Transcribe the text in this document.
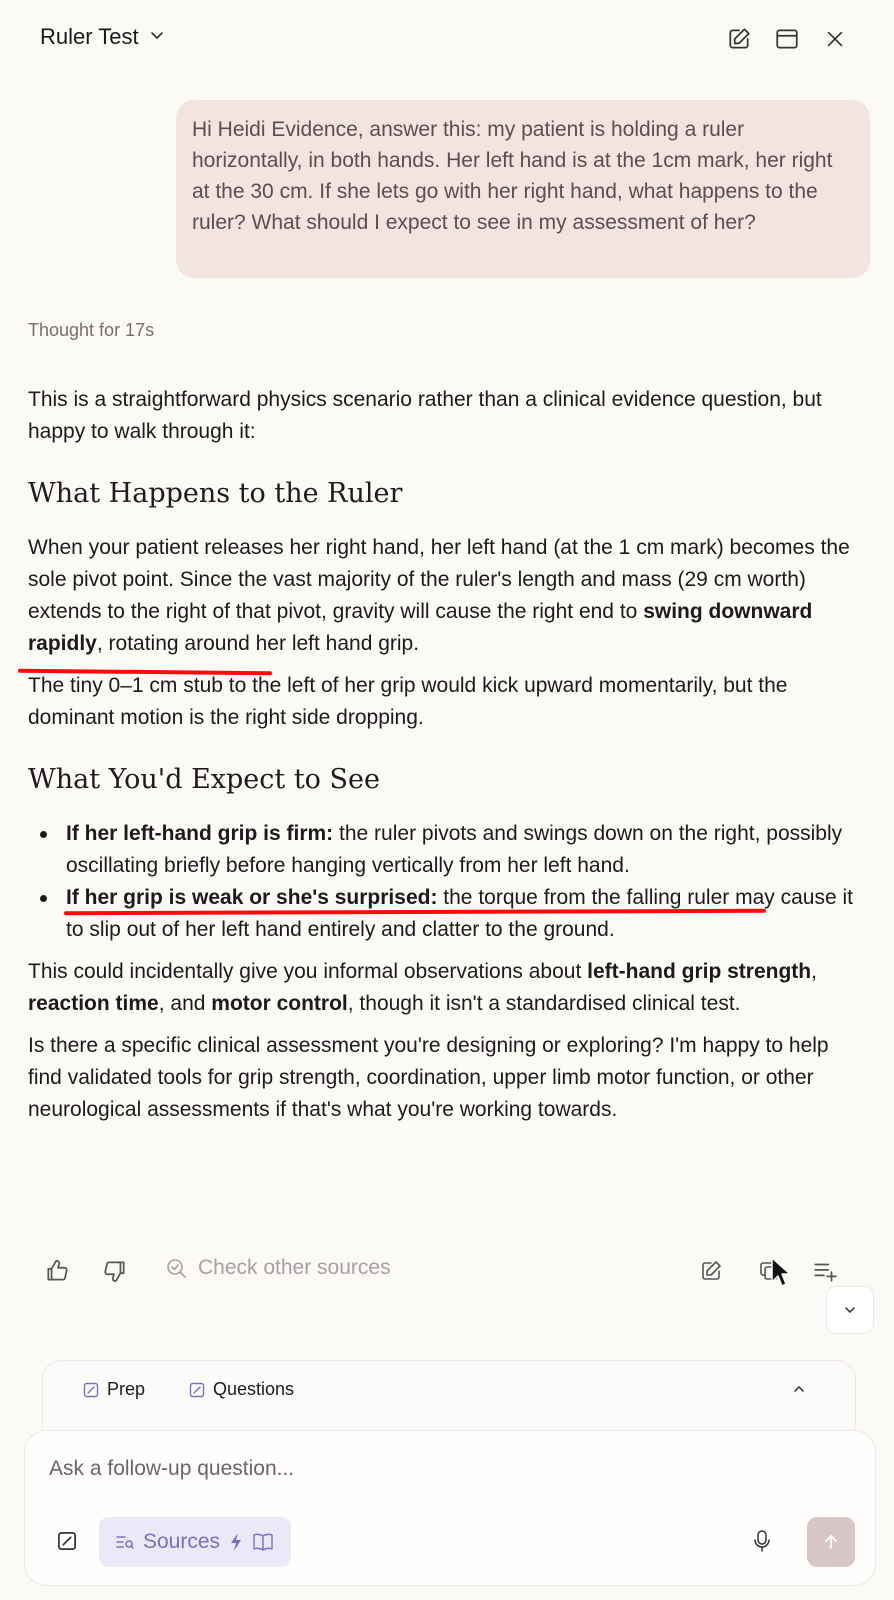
Ruler Test
Hi Heidi Evidence, answer this: my patient is holding a ruler horizontally, in both hands. Her left hand is at the 1cm mark, her right at the 30 cm. If she lets go with her right hand, what happens to the ruler? What should I expect to see in my assessment of her?
Thought for 17s

This is a straightforward physics scenario rather than a clinical evidence question, but happy to walk through it:

What Happens to the Ruler

When your patient releases her right hand, her left hand (at the 1 cm mark) becomes the sole pivot point. Since the vast majority of the ruler's length and mass (29 cm worth) extends to the right of that pivot, gravity will cause the right end to swing downward rapidly, rotating around her left hand grip.

The tiny 0–1 cm stub to the left of her grip would kick upward momentarily, but the dominant motion is the right side dropping.

What You'd Expect to See
If her left-hand grip is firm: the ruler pivots and swings down on the right, possibly oscillating briefly before hanging vertically from her left hand.
If her grip is weak or she's surprised: the torque from the falling ruler may cause it to slip out of her left hand entirely and clatter to the ground.

This could incidentally give you informal observations about left-hand grip strength, reaction time, and motor control, though it isn't a standardised clinical test.

Is there a specific clinical assessment you're designing or exploring? I'm happy to help find validated tools for grip strength, coordination, upper limb motor function, or other neurological assessments if that's what you're working towards.

Check other sources
Prep	Questions
Ask a follow-up question...
Sources
